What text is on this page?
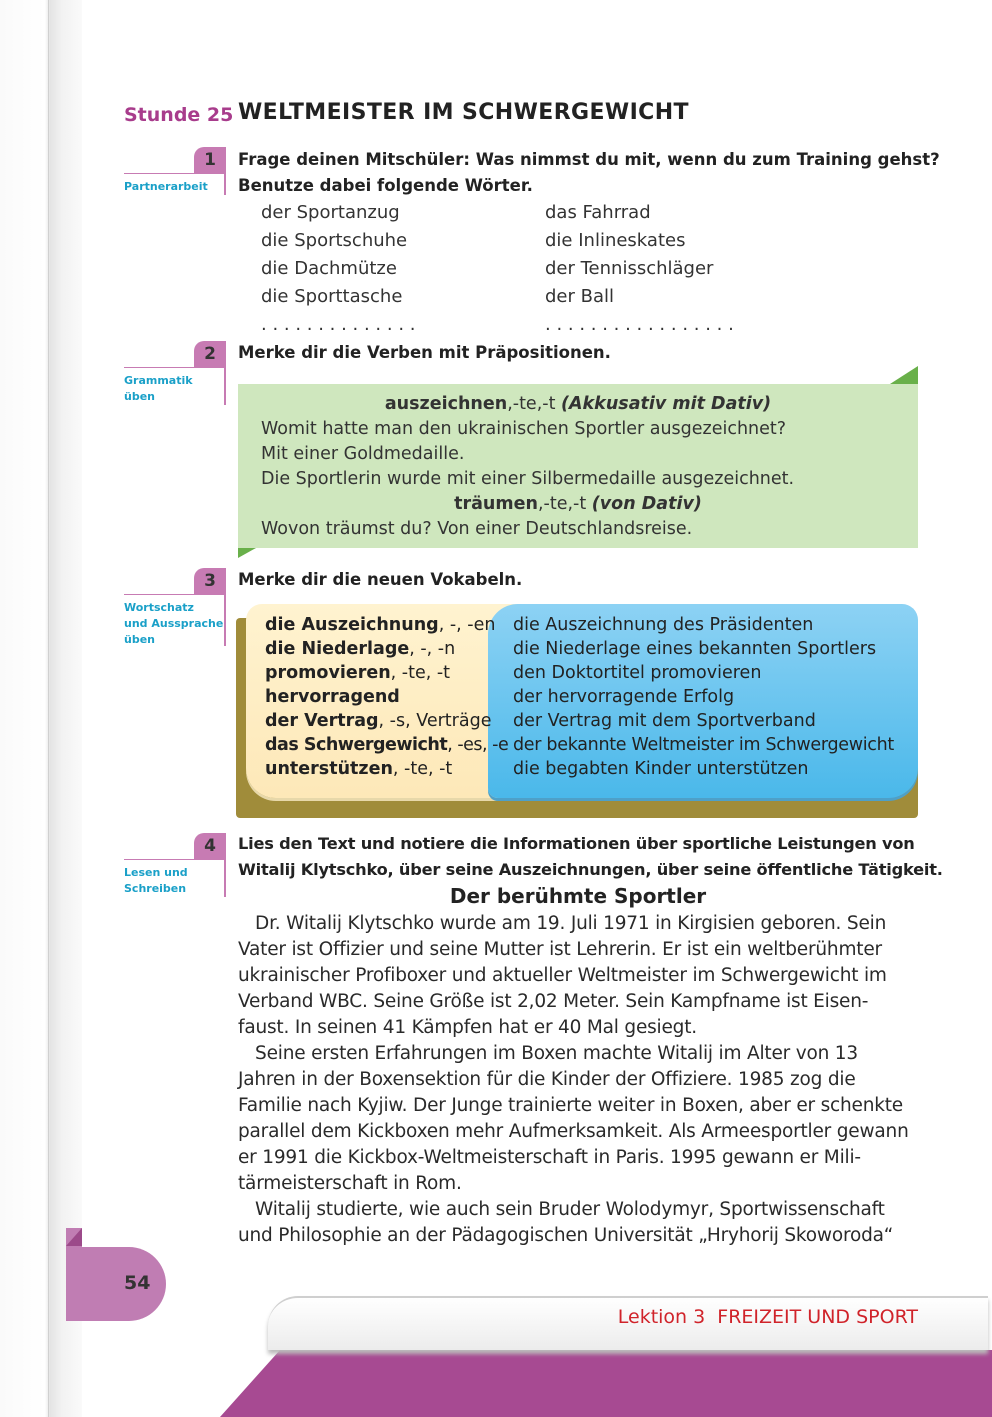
Stunde 25 WELTMEISTER IM SCHWERGEWICHT
1
Partnerarbeit
Frage deinen Mitschüler: Was nimmst du mit, wenn du zum Training gehst?
Benutze dabei folgende Wörter.
der Sportanzug
die Sportschuhe
die Dachmütze
die Sporttasche
. . . . . . . . . . . . . .
das Fahrrad
die Inlineskates
der Tennisschläger
der Ball
. . . . . . . . . . . . . . . . .
2
Grammatik
üben
Merke dir die Verben mit Präpositionen.
auszeichnen,-te,-t (Akkusativ mit Dativ)
Womit hatte man den ukrainischen Sportler ausgezeichnet?
Mit einer Goldmedaille.
Die Sportlerin wurde mit einer Silbermedaille ausgezeichnet.
träumen,-te,-t (von Dativ)
Wovon träumst du? Von einer Deutschlandsreise.
3
Wortschatz
und Aussprache
üben
Merke dir die neuen Vokabeln.
die Auszeichnung, -, -en
die Niederlage, -, -n
promovieren, -te, -t
hervorragend
der Vertrag, -s, Verträge
das Schwergewicht, -es, -e
unterstützen, -te, -t
die Auszeichnung des Präsidenten
die Niederlage eines bekannten Sportlers
den Doktortitel promovieren
der hervorragende Erfolg
der Vertrag mit dem Sportverband
der bekannte Weltmeister im Schwergewicht
die begabten Kinder unterstützen
4
Lesen und
Schreiben
Lies den Text und notiere die Informationen über sportliche Leistungen von
Witalij Klytschko, über seine Auszeichnungen, über seine öffentliche Tätigkeit.
Der berühmte Sportler
Dr. Witalij Klytschko wurde am 19. Juli 1971 in Kirgisien geboren. Sein
Vater ist Offizier und seine Mutter ist Lehrerin. Er ist ein weltberühmter
ukrainischer Profiboxer und aktueller Weltmeister im Schwergewicht im
Verband WBC. Seine Größe ist 2,02 Meter. Sein Kampfname ist Eisen-
faust. In seinen 41 Kämpfen hat er 40 Mal gesiegt.
Seine ersten Erfahrungen im Boxen machte Witalij im Alter von 13
Jahren in der Boxensektion für die Kinder der Offiziere. 1985 zog die
Familie nach Kyjiw. Der Junge trainierte weiter in Boxen, aber er schenkte
parallel dem Kickboxen mehr Aufmerksamkeit. Als Armeesportler gewann
er 1991 die Kickbox-Weltmeisterschaft in Paris. 1995 gewann er Mili-
tärmeisterschaft in Rom.
Witalij studierte, wie auch sein Bruder Wolodymyr, Sportwissenschaft
und Philosophie an der Pädagogischen Universität „Hryhorij Skoworoda“
54
Lektion 3  FREIZEIT UND SPORT
